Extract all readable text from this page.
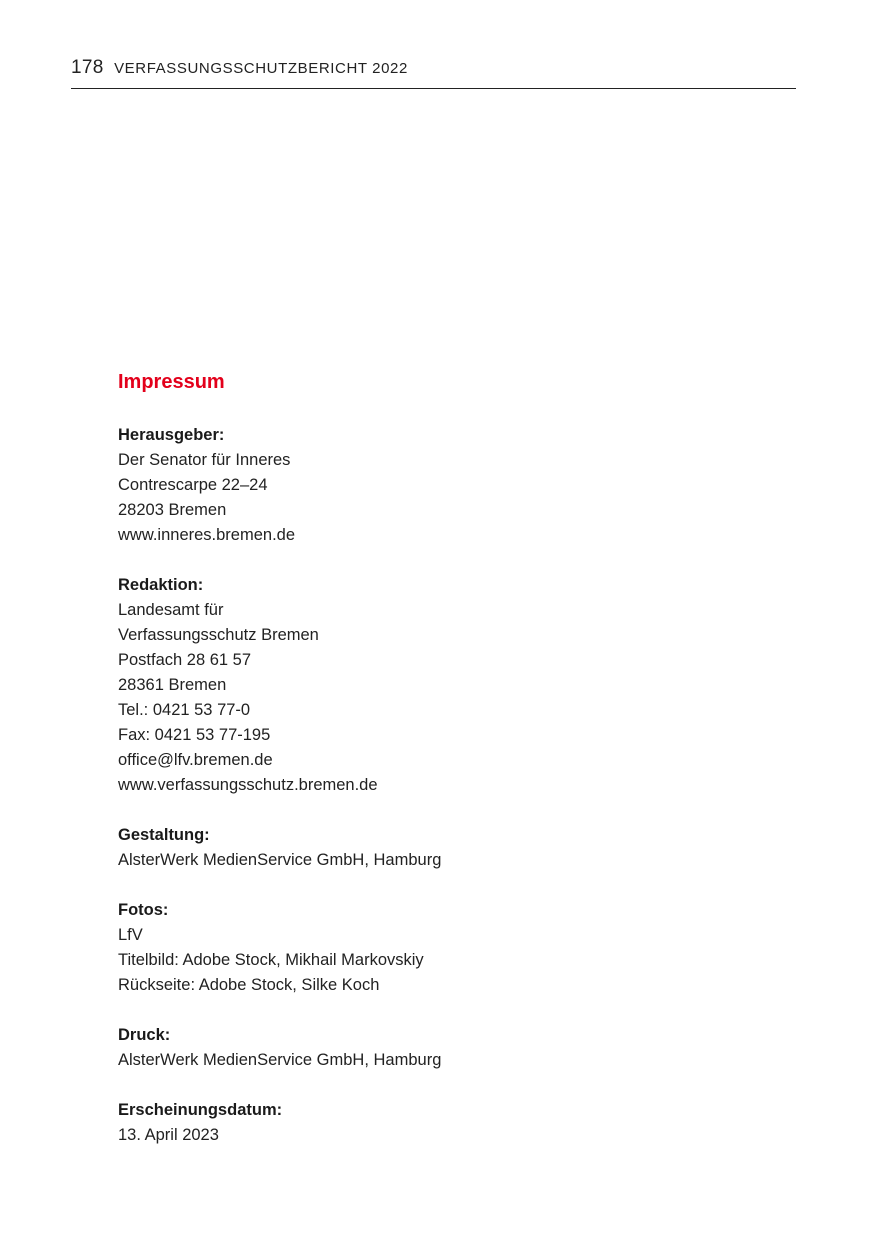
178 VERFASSUNGSSCHUTZBERICHT 2022
Impressum

Herausgeber:

Der Senator für Inneres

Contrescarpe 22–24

28203 Bremen

www.inneres.bremen.de

Redaktion:

Landesamt für

Verfassungsschutz Bremen

Postfach 28 61 57

28361 Bremen

Tel.: 0421 53 77-0

Fax: 0421 53 77-195

office@lfv.bremen.de

www.verfassungsschutz.bremen.de

Gestaltung:

AlsterWerk MedienService GmbH, Hamburg

Fotos:

LfV

Titelbild: Adobe Stock, Mikhail Markovskiy

Rückseite: Adobe Stock, Silke Koch

Druck:

AlsterWerk MedienService GmbH, Hamburg

Erscheinungsdatum:

13. April 2023
